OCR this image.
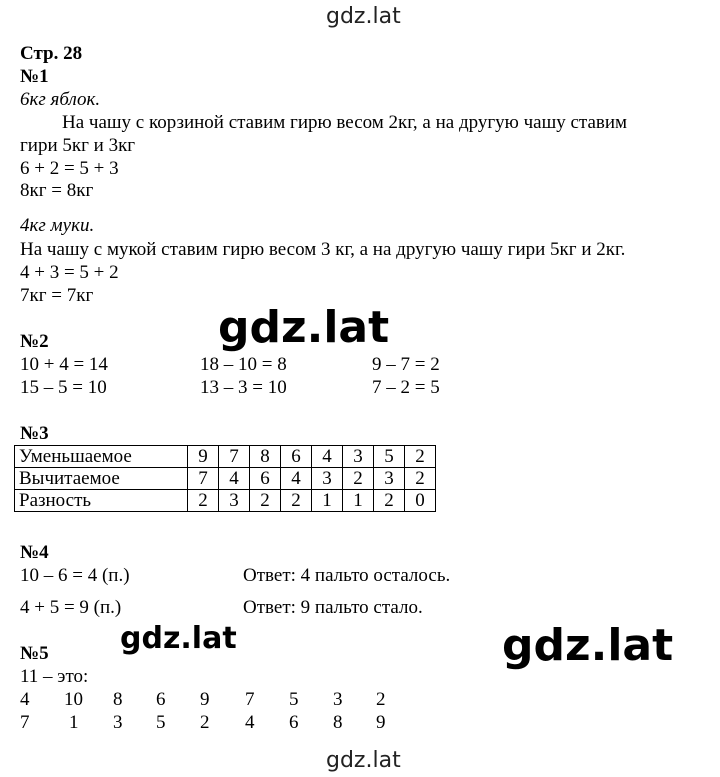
gdz.lat
gdz.lat
gdz.lat	gdz.lat
gdz.lat
Стр. 28
№1
6кг яблок.
На чашу с корзиной ставим гирю весом 2кг, а на другую чашу ставим
гири 5кг и 3кг
6 + 2 = 5 + 3
8кг = 8кг
4кг муки.
На чашу с мукой ставим гирю весом 3 кг, а на другую чашу гири 5кг и 2кг.
4 + 3 = 5 + 2
7кг = 7кг
№2
10 + 4 = 14	18 – 10 = 8	9 – 7 = 2
15 – 5 = 10	13 – 3 = 10	7 – 2 = 5
№3
Уменьшаемое	9	7	8	6	4	3	5	2
Вычитаемое	7	4	6	4	3	2	3	2
Разность	2	3	2	2	1	1	2	0
№4
10 – 6 = 4 (п.)	Ответ: 4 пальто осталось.
4 + 5 = 9 (п.)	Ответ: 9 пальто стало.
№5
11 – это:
4 10 8 6 9 7 5 3 2
7 1 3 5 2 4 6 8 9
